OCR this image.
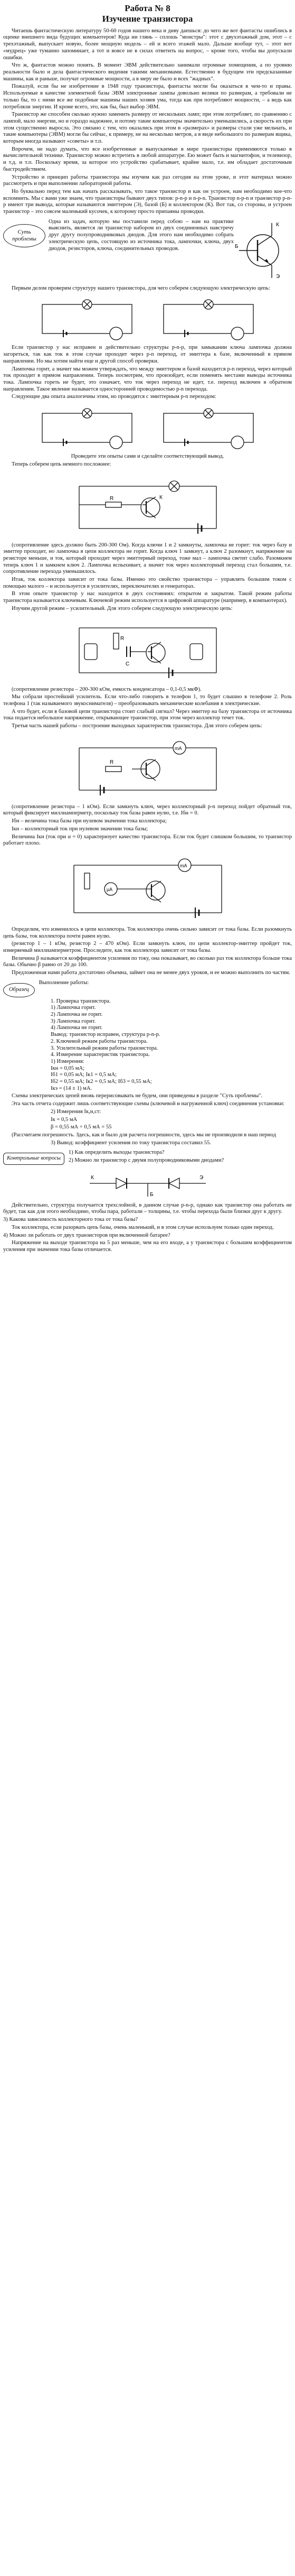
Работа № 8
Изучение транзистора

Читаешь фантастическую литературу 50-60 годов нашего века и диву даешься: до чего же вот фантасты ошиблись в оценке внешнего вида будущих компьютеров! Куда ни глянь – сплошь "монстры": этот с двухэтажный дом, этот – с трехэтажный, выпускает новую, более мощную модель – ей и всего этажей мало. Дальше вообще тут, – этот вот «мудрец» уже туманно запоминает, а тот и вовсе не в силах ответить на вопрос, – кроме того, чтобы вы допускали ошибки.

Что ж, фантастов можно понять. В момент ЭВМ действительно занимали огромные помещения, а по уровню реальности было и дела фантастического видения такими механизмами. Естественно в будущем эти предсказанные машины, как и раньше, получат огромные мощности, а в меру не было и всех "жадных".

Пожалуй, если бы не изобретение в 1948 году транзистора, фантасты могли бы оказаться в чем-то и правы. Используемые в качестве элементной базы ЭВМ электронные лампы довольно велики по размерам, а требовали не только бы, то с ними все же подобные машины наших хозяев ума, тогда как при потребляют мощности, – а ведь как потребляли энергии. И кроме всего, это, как бы, был выбор ЭВМ.

Транзистор же способен сколько нужно заменить размеру от нескольких ламп; при этом потребляет, по сравнению с лампой, мало энергии, но и гораздо надежнее, и потому такие компьютеры значительно уменьшились, а скорость их при этом существенно выросла. Это связано с тем, что оказались при этом в «размерах» и размеры стали уже мельчать, и такие компьютеры (ЭВМ) могли бы сейчас, к примеру, не на несколько метров, а в виде небольшого по размерам ящика, которым иногда называют «советы» и т.п.

Впрочем, не надо думать, что все изобретенные и выпускаемые в мире транзисторы применяются только в вычислительной технике. Транзистор можно встретить в любой аппаратуре. Ею может быть и магнитофон, и телевизор, и т.д. и т.п. Поскольку время, за которое это устройство срабатывает, крайне мало, т.е. им обладает достаточным быстродействием.

Устройство и принцип работы транзистора мы изучим как раз сегодня на этом уроке, и этот материал можно рассмотреть и при выполнении лабораторной работы.

Но буквально перед тем как начать рассказывать, что такое транзистор и как он устроен, нам необходимо кое-что вспомнить. Мы с вами уже знаем, что транзисторы бывают двух типов: p-n-p и n-p-n. Транзистор n-p-n и транзистор p-n-p имеют три вывода, которые называются эмиттером (Э), базой (Б) и коллектором (К). Вот так, со стороны, и устроен транзистор – это совсем маленький кусочек, к которому просто припаяны проводки.

Суть проблемы

Одна из задач, которую мы поставили перед собою – нам на практике выяснить, является ли транзистор набором из двух соединенных навстречу друг другу полупроводниковых диодов. Для этого нам необходимо собрать электрическую цепь, состоящую из источника тока, лампочки, ключа, двух диодов, резисторов, ключа, соединительных проводов.

К
Б
Э

Первым делом проверим структуру нашего транзистора, для чего соберем следующую электрическую цепь:

Если транзистор у нас исправен и действительно структуры p-n-p, при замыкании ключа лампочка должна загореться, так как ток в этом случае проходит через p-n переход, от эмиттера к базе, включенный в прямом направлении. Но мы хотим найти еще и другой способ проверки.

Лампочка горит, а значит мы можем утверждать, что между эмиттером и базой находится p-n переход, через который ток проходит в прямом направлении. Теперь посмотрим, что произойдет, если поменять местами выводы источника тока. Лампочка гореть не будет, это означает, что ток через переход не идет, т.е. переход включен в обратном направлении. Такое явление называется односторонней проводимостью p-n перехода.

Следующие два опыта аналогичны этим, но проводятся с эмиттерным p-n переходом:

Проведите эти опыты сами и сделайте соответствующий вывод.

Теперь соберем цепь немного посложнее:

R	К

(сопротивление здесь должно быть 200-300 Ом). Когда ключи 1 и 2 замкнуты, лампочка не горит: ток через базу и эмиттер проходит, но лампочка в цепи коллектора не горит. Когда ключ 1 замкнут, а ключ 2 разомкнут, напряжение на резисторе меньше, и ток, который проходит через эмиттерный переход, тоже мал – лампочка светит слабо. Разомкнем теперь ключ 1 и замкнем ключ 2. Лампочка вспыхивает, а значит ток через коллекторный переход стал большим, т.е. сопротивление перехода уменьшилось.

Итак, ток коллектора зависит от тока базы. Именно это свойство транзистора – управлять большим током с помощью малого – и используется в усилителях, переключателях и генераторах.

В этом опыте транзистор у нас находится в двух состояниях: открытом и закрытом. Такой режим работы транзистора называется ключевым. Ключевой режим используется в цифровой аппаратуре (например, в компьютерах).

Изучим другой режим – усилительный. Для этого соберем следующую электрическую цепь:

R
C

(сопротивление резистора – 200-300 кОм, емкость конденсатора – 0,1-0,5 мкФ).

Мы собрали простейший усилитель. Если что-либо говорить в телефон 1, то будет слышно в телефоне 2. Роль телефона 1 (так называемого звукоснимателя) – преобразовывать механические колебания в электрические.

А что будет, если в базовой цепи транзистора стоит слабый сигнал? Через эмиттер на базу транзистора от источника тока подается небольшое напряжение, открывающее транзистор, при этом через коллектор течет ток.

Третья часть нашей работы – построение выходных характеристик транзистора. Для этого соберем цепь:

mA
R

(сопротивление резистора – 1 кОм). Если замкнуть ключ, через коллекторный p-n переход пойдет обратный ток, который фиксирует миллиамперметр, поскольку ток базы равен нулю, т.е. Iбн = 0.

Iбн – величина тока базы при нулевом значении тока коллектора;

Iкн – коллекторный ток при нулевом значении тока базы;

Величина Iкн (ток при α = 0) характеризует качество транзистора. Если ток будет слишком большим, то транзистор работает плохо.

μA
mA

Определим, что изменилось в цепи коллектора. Ток коллектора очень сильно зависит от тока базы. Если разомкнуть цепь базы, ток коллектора почти равен нулю.

(резистор 1 – 1 кОм, резистор 2 – 470 кОм). Если замкнуть ключ, по цепи коллектор-эмиттер пройдет ток, измеряемый миллиамперметром. Проследите, как ток коллектора зависит от тока базы.

Величина β называется коэффициентом усиления по току, она показывает, во сколько раз ток коллектора больше тока базы. Обычно β равно от 20 до 100.

Предложенная нами работа достаточно объемна, займет она не менее двух уроков, и ее можно выполнить по частям.

Образец

Выполнение работы:

1. Проверка транзистора.
1) Лампочка горит.
2) Лампочка не горит.
3) Лампочка горит.
4) Лампочка не горит.
Вывод: транзистор исправен, структура p-n-p.
2. Ключевой режим работы транзистора.
3. Усилительный режим работы транзистора.
4. Измерение характеристик транзистора.
1) Измерения:
Iкн = 0,05 мА;
Iб1 = 0,05 мА; Iк1 = 0,5 мА;
Iб2 = 0,55 мА; Iк2 = 0,5 мА; Iб3 = 0,55 мА;
Iкэ = (14 ± 1) мА.

Схемы электрических цепей вновь перерисовывать не будем, они приведены в разделе "Суть проблемы".

Эта часть отчета содержит лишь соответствующие схемы (ключевой и нагруженной ключ) соединения установки:

2) Измерения Iк,н,ст:

Iк = 0,5 мА

β = 0,55 мА ÷ 0,5 мА = 55

(Рассчитаем погрешность. Здесь, как и было для расчета погрешности, здесь мы не производили в наш период

3) Вывод: коэффициент усиления по току транзистора составил 55.

Контрольные вопросы

1) Как определить выходы транзистора?

2) Можно ли транзистор с двумя полупроводниковыми диодами?

К
Б
Э

Действительно, структура получается трехслойной, в данном случае p-n-p, однако как транзистор она работать не будет, так как для этого необходимо, чтобы пара, работали – толщины, т.е. чтобы перехода были близки друг к другу.

3) Какова зависимость коллекторного тока от тока базы?

Ток коллектора, если разорвать цепь базы, очень маленький, и в этом случае используем только один переход.

4) Можно ли работать от двух транзисторов при включенной батарее?

Напряжение на выходе транзистора на 5 раз меньше, чем на его входе, а у транзистора с большим коэффициентом усиления при значении тока базы отличается.
